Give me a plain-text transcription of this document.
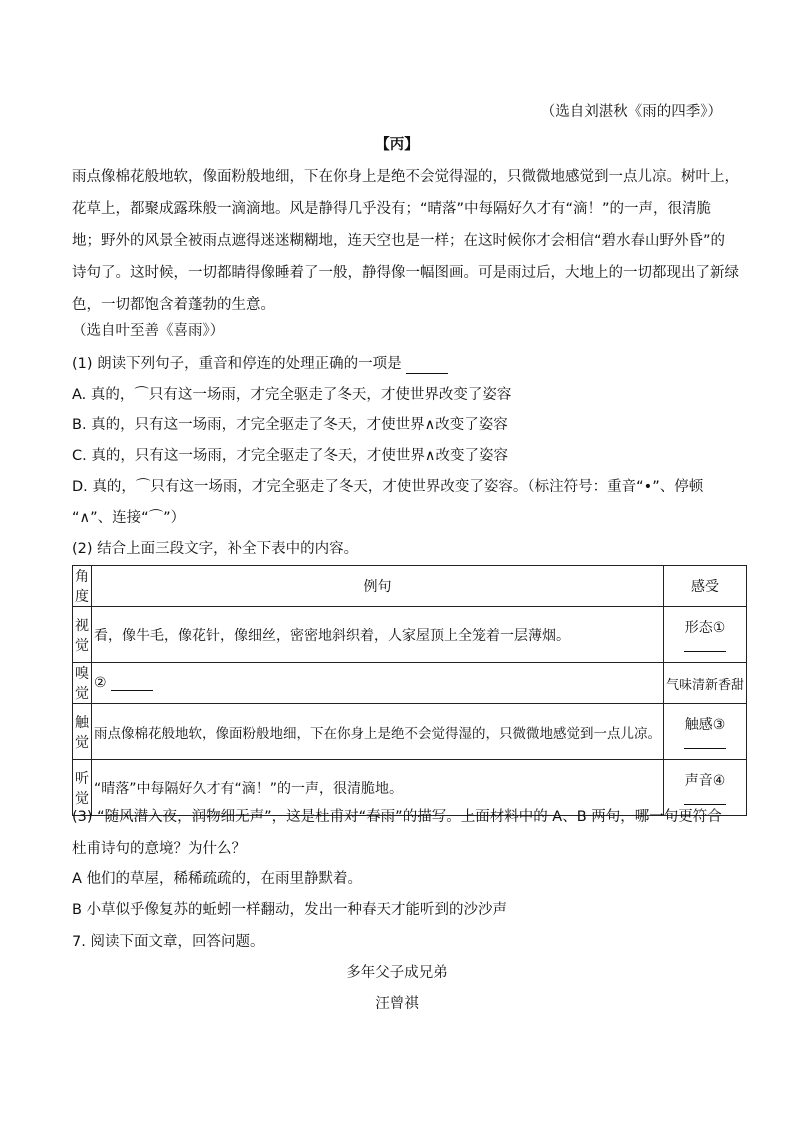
（选自刘湛秋《雨的四季》）
【丙】
雨点像棉花般地软，像面粉般地细，下在你身上是绝不会觉得湿的，只微微地感觉到一点儿凉。树叶上，
花草上，都聚成露珠般一滴滴地。风是静得几乎没有；“晴落”中每隔好久才有“滴！”的一声，很清脆
地；野外的风景全被雨点遮得迷迷糊糊地，连天空也是一样；在这时候你才会相信“碧水春山野外昏”的
诗句了。这时候，一切都睛得像睡着了一般，静得像一幅图画。可是雨过后，大地上的一切都现出了新绿
色，一切都饱含着蓬勃的生意。
（选自叶至善《喜雨》）
(1) 朗读下列句子，重音和停连的处理正确的一项是
A. 真的，⌒只有这一场雨，才完全驱走了冬天，才使世界改变了姿容
B. 真的，只有这一场雨，才完全驱走了冬天，才使世界∧改变了姿容
C. 真的，只有这一场雨，才完全驱走了冬天，才使世界∧改变了姿容
D. 真的，⌒只有这一场雨，才完全驱走了冬天，才使世界改变了姿容。（标注符号：重音“•”、停顿
“∧”、连接“⌒”）
(2) 结合上面三段文字，补全下表中的内容。
角度	例句	感受
视觉	看，像牛毛，像花针，像细丝，密密地斜织着，人家屋顶上全笼着一层薄烟。	形态①

嗅觉	②	气味清新香甜
触觉	雨点像棉花般地软，像面粉般地细，下在你身上是绝不会觉得湿的，只微微地感觉到一点儿凉。	触感③

听觉	“晴落”中每隔好久才有“滴！”的一声，很清脆地。	声音④
(3) “随风潜入夜，润物细无声”，这是杜甫对“春雨”的描写。上面材料中的 A、B 两句，哪一句更符合
杜甫诗句的意境？为什么？
A 他们的草屋，稀稀疏疏的，在雨里静默着。
B 小草似乎像复苏的蚯蚓一样翻动，发出一种春天才能听到的沙沙声
7. 阅读下面文章，回答问题。
多年父子成兄弟
汪曾祺
